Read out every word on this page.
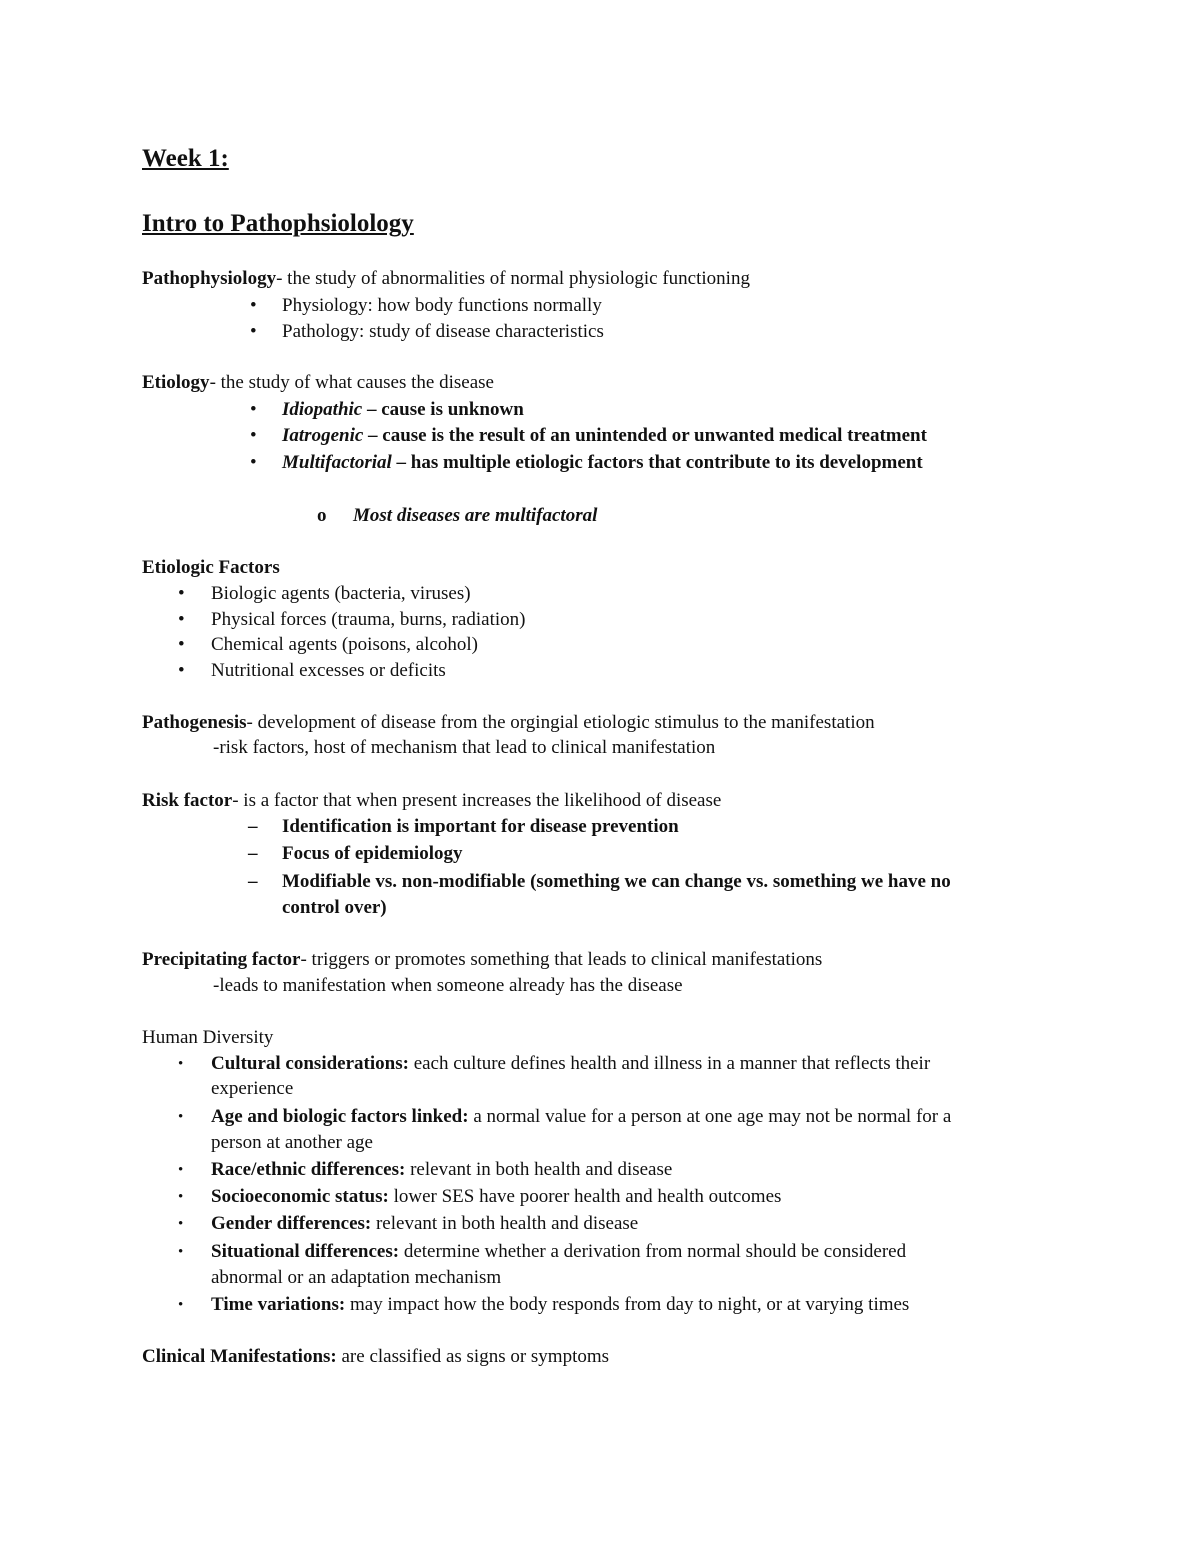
Week 1:
Intro to Pathophsiolology
Pathophysiology- the study of abnormalities of normal physiologic functioning
• Physiology: how body functions normally
• Pathology: study of disease characteristics
Etiology- the study of what causes the disease
• Idiopathic – cause is unknown
• Iatrogenic – cause is the result of an unintended or unwanted medical treatment
• Multifactorial – has multiple etiologic factors that contribute to its development
o Most diseases are multifactoral
Etiologic Factors
• Biologic agents (bacteria, viruses)
• Physical forces (trauma, burns, radiation)
• Chemical agents (poisons, alcohol)
• Nutritional excesses or deficits
Pathogenesis- development of disease from the orgingial etiologic stimulus to the manifestation
-risk factors, host of mechanism that lead to clinical manifestation
Risk factor- is a factor that when present increases the likelihood of disease
– Identification is important for disease prevention
– Focus of epidemiology
– Modifiable vs. non-modifiable (something we can change vs. something we have no
control over)
Precipitating factor- triggers or promotes something that leads to clinical manifestations
-leads to manifestation when someone already has the disease
Human Diversity
• Cultural considerations: each culture defines health and illness in a manner that reflects their
experience
• Age and biologic factors linked: a normal value for a person at one age may not be normal for a
person at another age
• Race/ethnic differences: relevant in both health and disease
• Socioeconomic status: lower SES have poorer health and health outcomes
• Gender differences: relevant in both health and disease
• Situational differences: determine whether a derivation from normal should be considered
abnormal or an adaptation mechanism
• Time variations: may impact how the body responds from day to night, or at varying times
Clinical Manifestations: are classified as signs or symptoms
